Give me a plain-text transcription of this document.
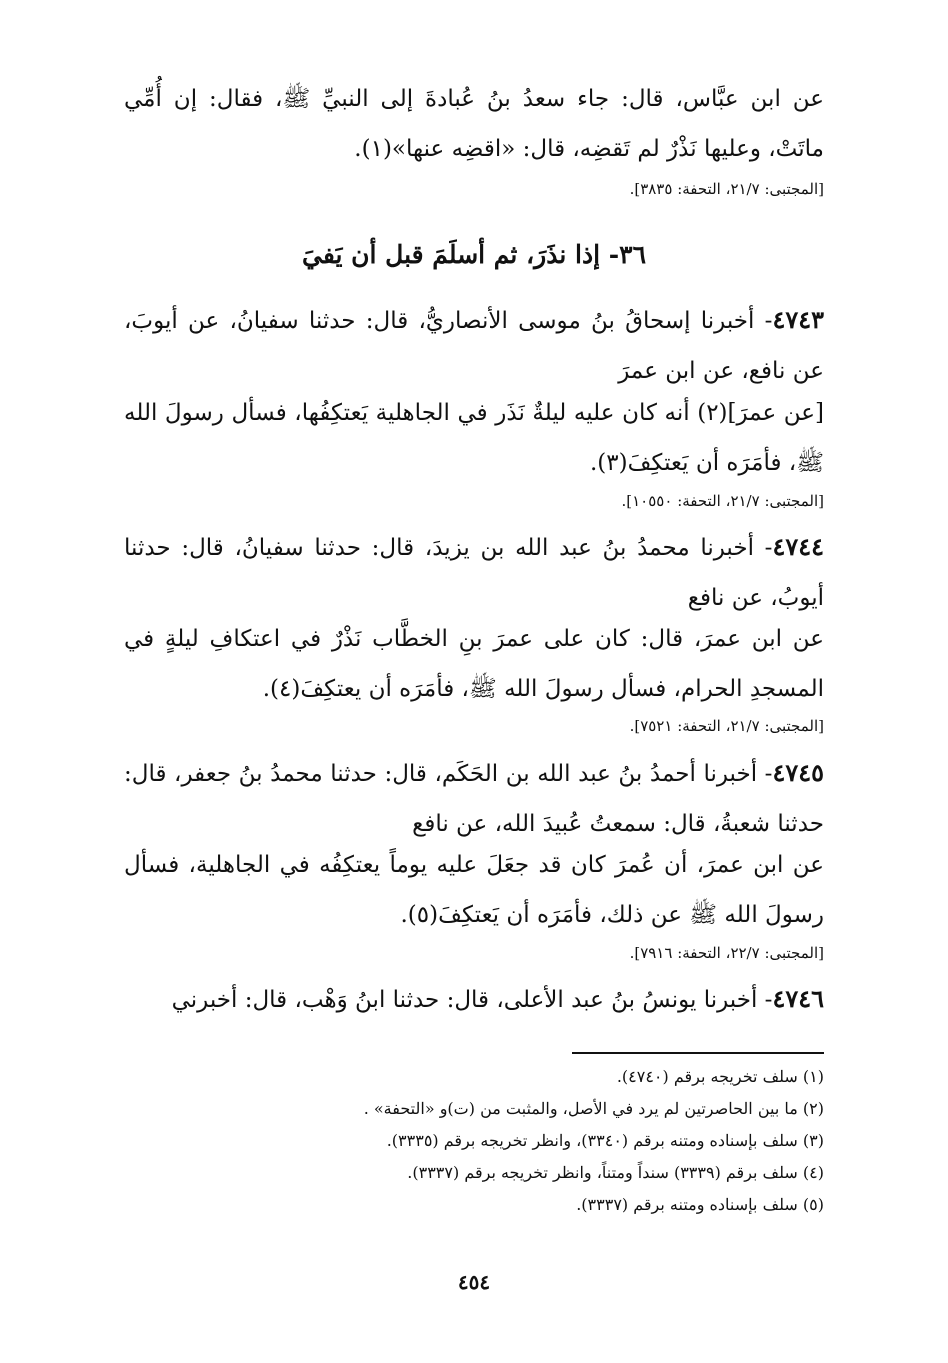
عن ابن عبَّاس، قال: جاء سعدُ بنُ عُبادةَ إلى النبيِّ ﷺ، فقال: إن أُمِّي ماتَتْ، وعليها نَذْرٌ لم تَقضِه، قال: «اقضِه عنها»(١).
[المجتبى: ٢١/٧، التحفة: ٣٨٣٥].
٣٦- إذا نذَرَ، ثم أسلَمَ قبل أن يَفيَ
٤٧٤٣- أخبرنا إسحاقُ بنُ موسى الأنصاريُّ، قال: حدثنا سفيانُ، عن أيوبَ، عن نافع، عن ابن عمرَ
[عن عمرَ](٢) أنه كان عليه ليلةٌ نَذَر في الجاهلية يَعتكِفُها، فسأل رسولَ الله ﷺ، فأمَرَه أن يَعتكِفَ(٣).
[المجتبى: ٢١/٧، التحفة: ١٠٥٥٠].
٤٧٤٤- أخبرنا محمدُ بنُ عبد الله بن يزيدَ، قال: حدثنا سفيانُ، قال: حدثنا أيوبُ، عن نافع
عن ابن عمرَ، قال: كان على عمرَ بنِ الخطَّاب نَذْرٌ في اعتكافِ ليلةٍ في المسجدِ الحرام، فسأل رسولَ الله ﷺ، فأمَرَه أن يعتكِفَ(٤).
[المجتبى: ٢١/٧، التحفة: ٧٥٢١].
٤٧٤٥- أخبرنا أحمدُ بنُ عبد الله بن الحَكَم، قال: حدثنا محمدُ بنُ جعفر، قال: حدثنا شعبةُ، قال: سمعتُ عُبيدَ الله، عن نافع
عن ابن عمرَ، أن عُمرَ كان قد جعَلَ عليه يوماً يعتكِفُه في الجاهلية، فسأل رسولَ الله ﷺ عن ذلك، فأمَرَه أن يَعتكِفَ(٥).
[المجتبى: ٢٢/٧، التحفة: ٧٩١٦].
٤٧٤٦- أخبرنا يونسُ بنُ عبد الأعلى، قال: حدثنا ابنُ وَهْب، قال: أخبرني
(١) سلف تخريجه برقم (٤٧٤٠).
(٢) ما بين الحاصرتين لم يرد في الأصل، والمثبت من (ت)و «التحفة» .
(٣) سلف بإسناده ومتنه برقم (٣٣٤٠)، وانظر تخريجه برقم (٣٣٣٥).
(٤) سلف برقم (٣٣٣٩) سنداً ومتناً، وانظر تخريجه برقم (٣٣٣٧).
(٥) سلف بإسناده ومتنه برقم (٣٣٣٧).
٤٥٤
